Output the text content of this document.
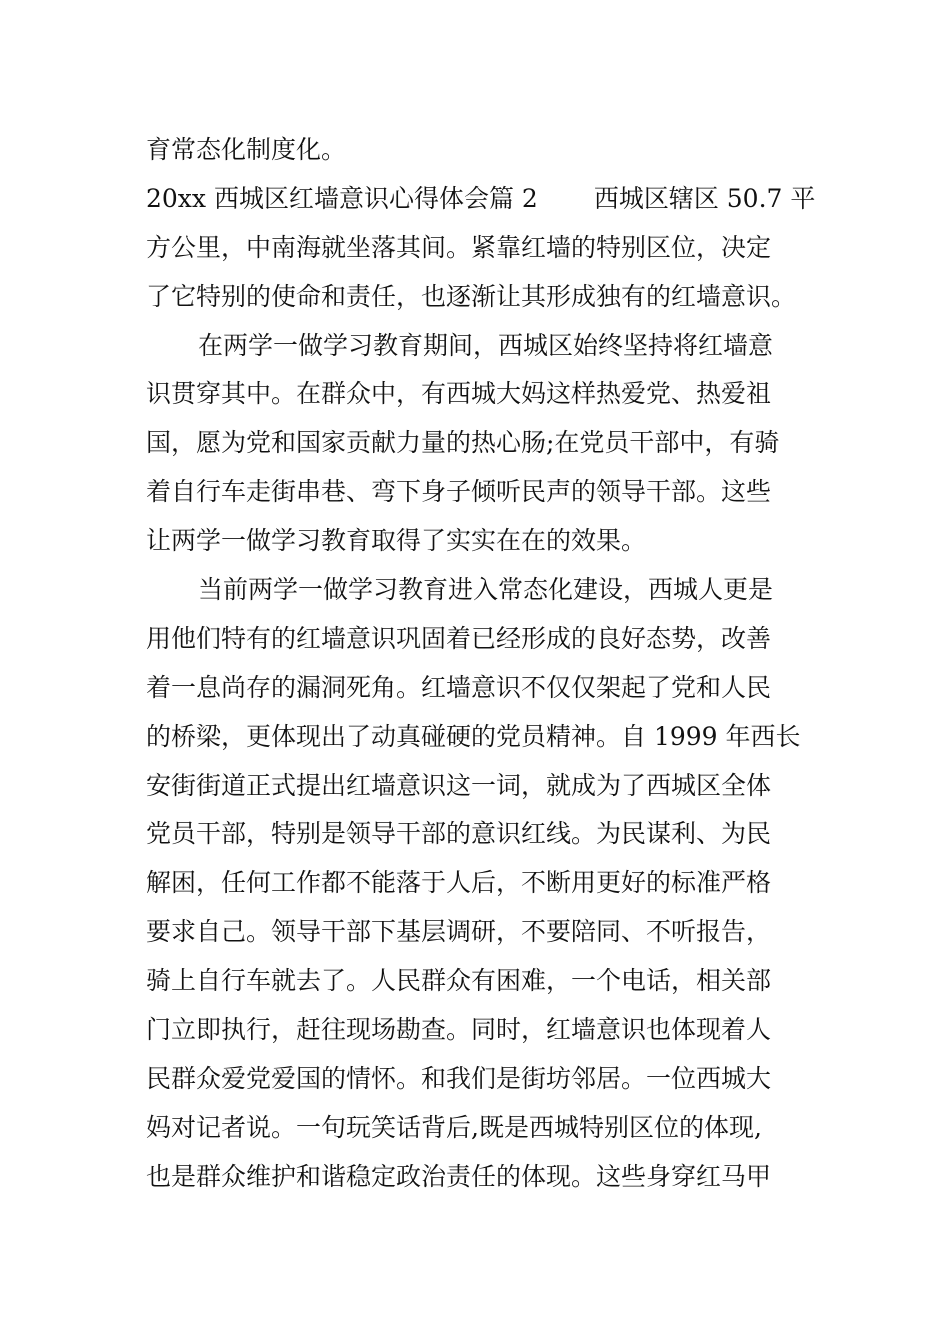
育常态化制度化。
20xx 西城区红墙意识心得体会篇 2 西城区辖区 50.7 平
方公里，中南海就坐落其间。紧靠红墙的特别区位，决定
了它特别的使命和责任，也逐渐让其形成独有的红墙意识。
在两学一做学习教育期间，西城区始终坚持将红墙意
识贯穿其中。在群众中，有西城大妈这样热爱党、热爱祖
国，愿为党和国家贡献力量的热心肠;在党员干部中，有骑
着自行车走街串巷、弯下身子倾听民声的领导干部。这些
让两学一做学习教育取得了实实在在的效果。
当前两学一做学习教育进入常态化建设，西城人更是
用他们特有的红墙意识巩固着已经形成的良好态势，改善
着一息尚存的漏洞死角。红墙意识不仅仅架起了党和人民
的桥梁，更体现出了动真碰硬的党员精神。自 1999 年西长
安街街道正式提出红墙意识这一词，就成为了西城区全体
党员干部，特别是领导干部的意识红线。为民谋利、为民
解困，任何工作都不能落于人后，不断用更好的标准严格
要求自己。领导干部下基层调研，不要陪同、不听报告，
骑上自行车就去了。人民群众有困难，一个电话，相关部
门立即执行，赶往现场勘查。同时，红墙意识也体现着人
民群众爱党爱国的情怀。和我们是街坊邻居。一位西城大
妈对记者说。一句玩笑话背后,既是西城特别区位的体现,
也是群众维护和谐稳定政治责任的体现。这些身穿红马甲
